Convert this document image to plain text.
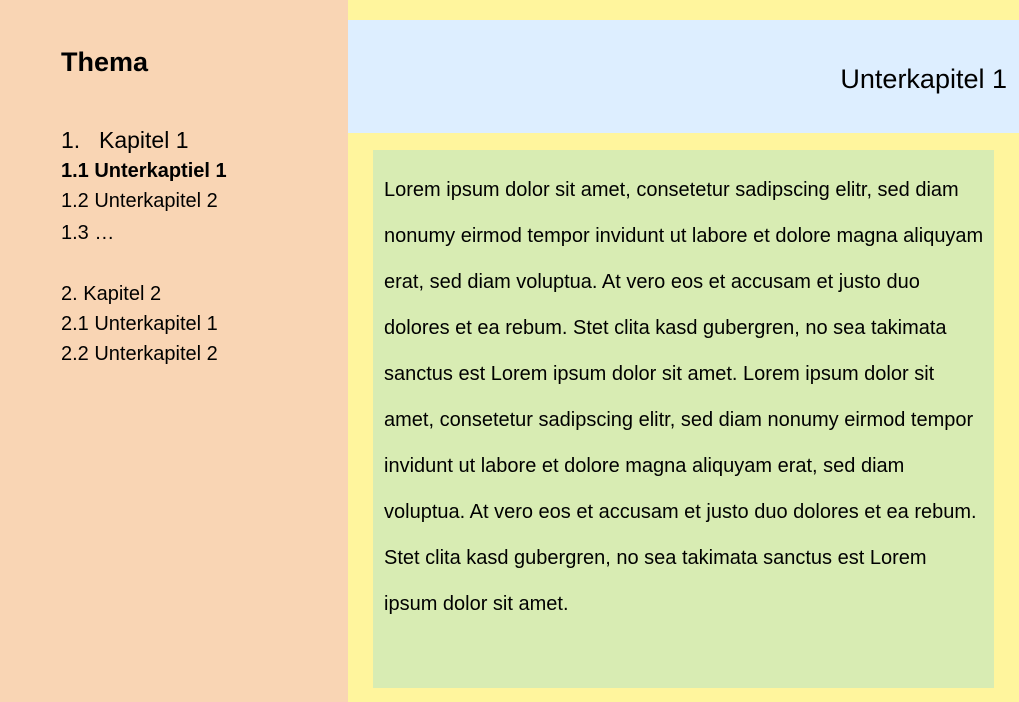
Thema
1. Kapitel 1
1.1 Unterkaptiel 1
1.2 Unterkapitel 2
1.3 …
2. Kapitel 2
2.1 Unterkapitel 1
2.2 Unterkapitel 2
Unterkapitel 1

Lorem ipsum dolor sit amet, consetetur sadipscing elitr, sed diam nonumy eirmod tempor invidunt ut labore et dolore magna aliquyam erat, sed diam voluptua. At vero eos et accusam et justo duo dolores et ea rebum. Stet clita kasd gubergren, no sea takimata sanctus est Lorem ipsum dolor sit amet. Lorem ipsum dolor sit amet, consetetur sadipscing elitr, sed diam nonumy eirmod tempor invidunt ut labore et dolore magna aliquyam erat, sed diam voluptua. At vero eos et accusam et justo duo dolores et ea rebum. Stet clita kasd gubergren, no sea takimata sanctus est Lorem ipsum dolor sit amet.
